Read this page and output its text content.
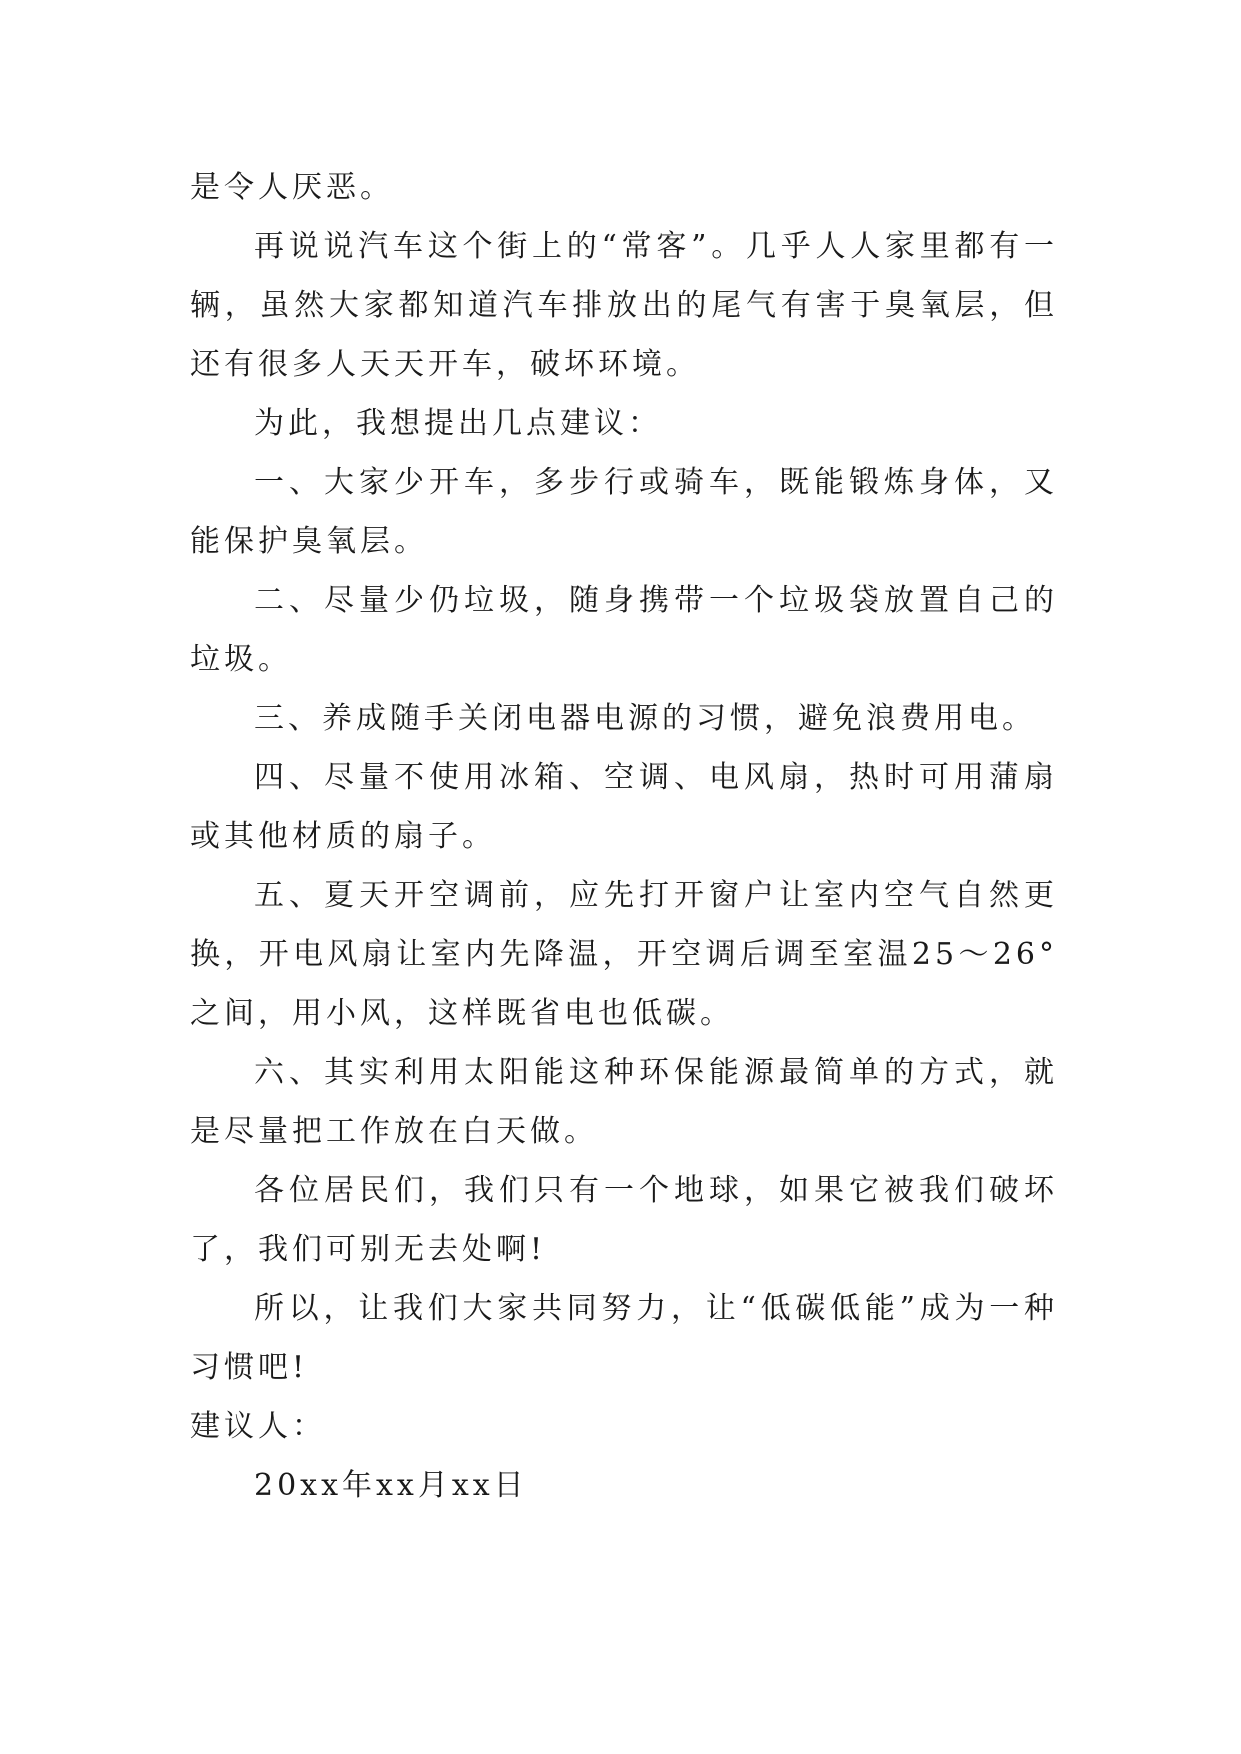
是令人厌恶。

再说说汽车这个街上的“常客”。几乎人人家里都有一辆，虽然大家都知道汽车排放出的尾气有害于臭氧层，但还有很多人天天开车，破坏环境。

为此，我想提出几点建议：

一、大家少开车，多步行或骑车，既能锻炼身体，又能保护臭氧层。

二、尽量少仍垃圾，随身携带一个垃圾袋放置自己的垃圾。

三、养成随手关闭电器电源的习惯，避免浪费用电。

四、尽量不使用冰箱、空调、电风扇，热时可用蒲扇或其他材质的扇子。

五、夏天开空调前，应先打开窗户让室内空气自然更换，开电风扇让室内先降温，开空调后调至室温25～26°之间，用小风，这样既省电也低碳。

六、其实利用太阳能这种环保能源最简单的方式，就是尽量把工作放在白天做。

各位居民们，我们只有一个地球，如果它被我们破坏了，我们可别无去处啊!

所以，让我们大家共同努力，让“低碳低能”成为一种习惯吧!

建议人：

20xx年xx月xx日
